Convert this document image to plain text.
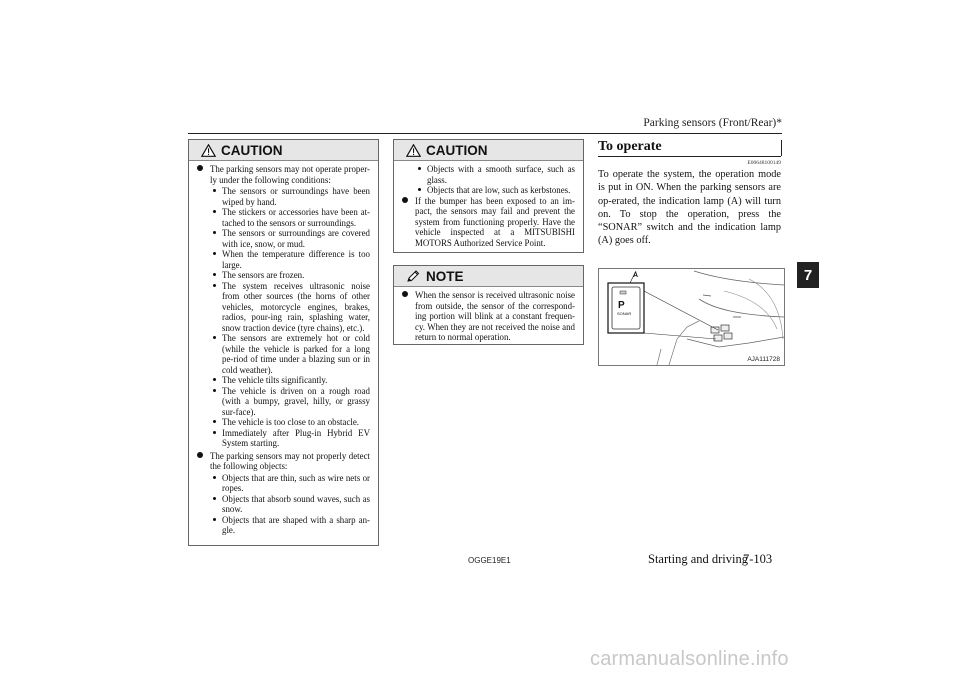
Parking sensors (Front/Rear)*
CAUTION
The parking sensors may not operate proper-ly under the following conditions:
The sensors or surroundings have been wiped by hand.
The stickers or accessories have been at-tached to the sensors or surroundings.
The sensors or surroundings are covered with ice, snow, or mud.
When the temperature difference is too large.
The sensors are frozen.
The system receives ultrasonic noise from other sources (the horns of other vehicles, motorcycle engines, brakes, radios, pour-ing rain, splashing water, snow traction device (tyre chains), etc.).
The sensors are extremely hot or cold (while the vehicle is parked for a long pe-riod of time under a blazing sun or in cold weather).
The vehicle tilts significantly.
The vehicle is driven on a rough road (with a bumpy, gravel, hilly, or grassy sur-face).
The vehicle is too close to an obstacle.
Immediately after Plug-in Hybrid EV System starting.
The parking sensors may not properly detect the following objects:
Objects that are thin, such as wire nets or ropes.
Objects that absorb sound waves, such as snow.
Objects that are shaped with a sharp an-gle.
CAUTION
Objects with a smooth surface, such as glass.
Objects that are low, such as kerbstones.
If the bumper has been exposed to an im-pact, the sensors may fail and prevent the system from functioning properly. Have the vehicle inspected at a MITSUBISHI MOTORS Authorized Service Point.
NOTE
When the sensor is received ultrasonic noise from outside, the sensor of the correspond-ing portion will blink at a constant frequen-cy. When they are not received the noise and return to normal operation.
To operate
E00648100149
To operate the system, the operation mode is put in ON. When the parking sensors are op-erated, the indication lamp (A) will turn on. To stop the operation, press the “SONAR” switch and the indication lamp (A) goes off.
A
P
SONAR
AJA111728
7
OGGE19E1	Starting and driving
7-103
carmanualsonline.info
